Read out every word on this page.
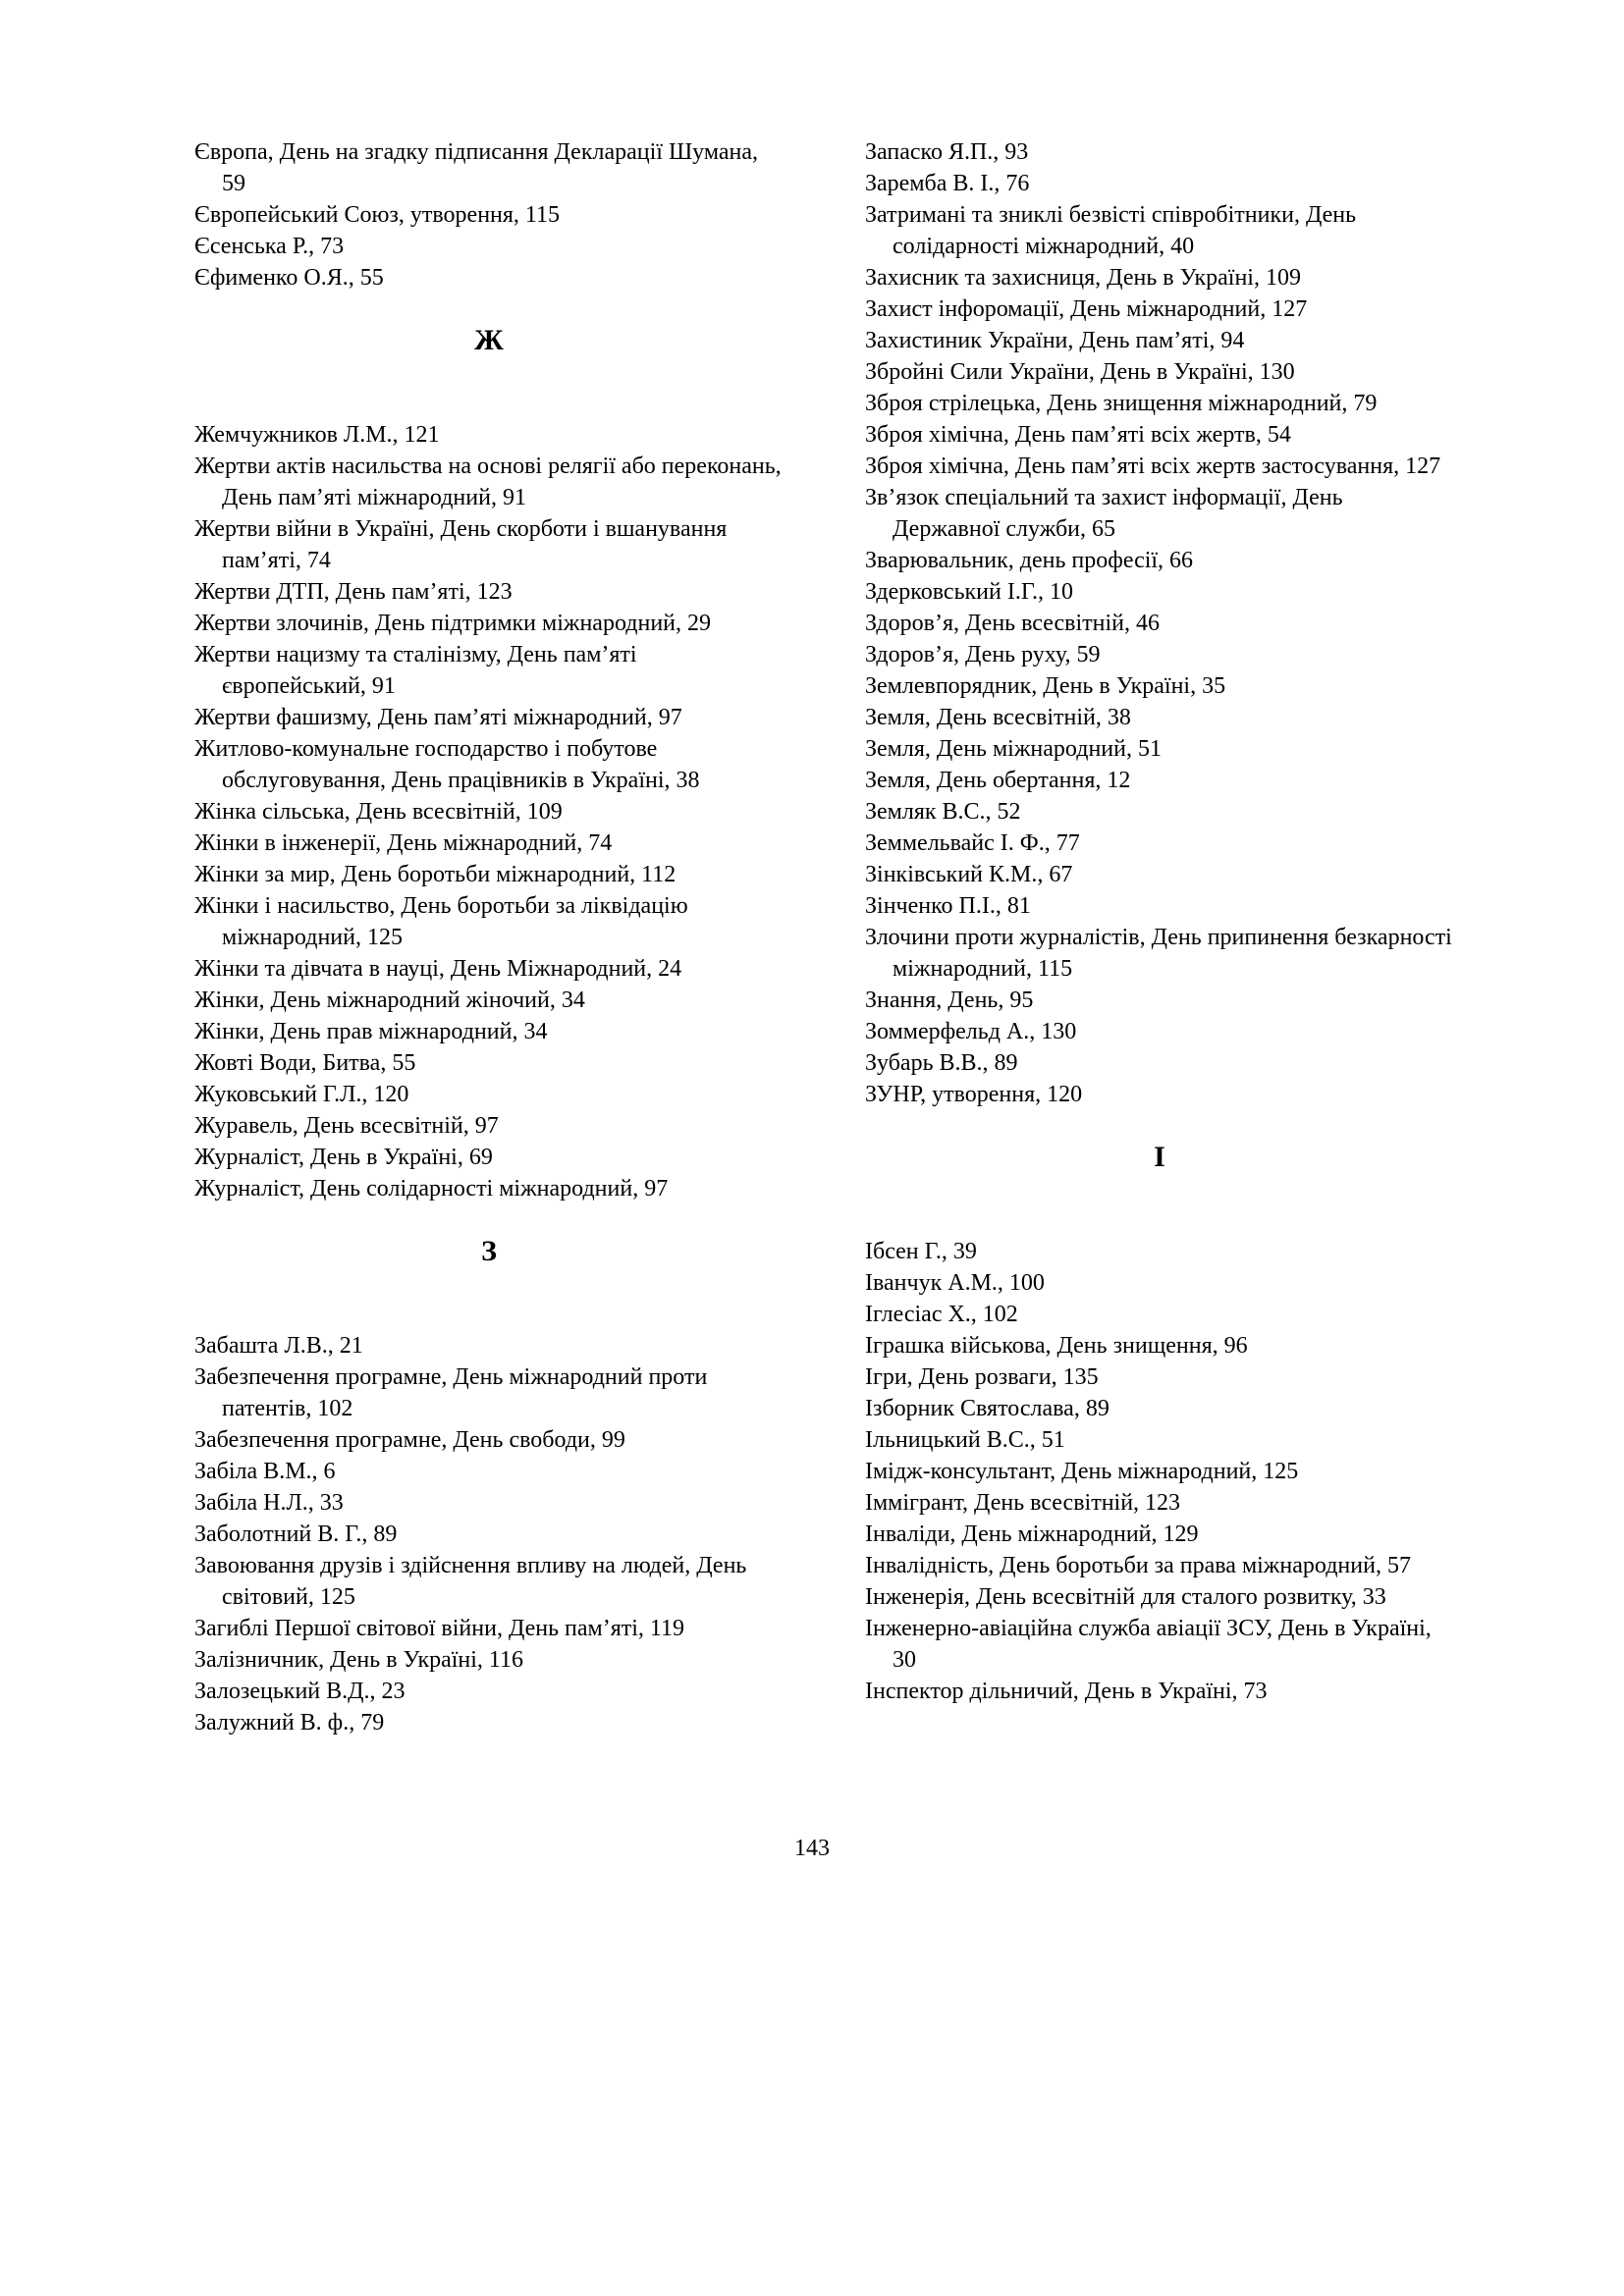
Європа, День на згадку підписання Декларації Шумана, 59
Європейський Союз, утворення, 115
Єсенська Р., 73
Єфименко О.Я., 55
Ж
Жемчужников Л.М., 121
Жертви актів насильства на основі релягії або переконань, День пам’яті міжнародний, 91
Жертви війни в Україні, День скорботи і вшанування пам’яті, 74
Жертви ДТП, День пам’яті, 123
Жертви злочинів, День підтримки міжнародний, 29
Жертви нацизму та сталінізму, День пам’яті європейський, 91
Жертви фашизму, День пам’яті міжнародний, 97
Житлово-комунальне господарство і побутове обслуговування, День працівників в Україні, 38
Жінка сільська, День всесвітній, 109
Жінки в інженерії, День міжнародний, 74
Жінки за мир, День боротьби міжнародний, 112
Жінки і насильство, День боротьби за ліквідацію міжнародний, 125
Жінки та дівчата в науці, День Міжнародний, 24
Жінки, День міжнародний жіночий, 34
Жінки, День прав міжнародний, 34
Жовті Води, Битва, 55
Жуковський Г.Л., 120
Журавель, День всесвітній, 97
Журналіст, День в Україні, 69
Журналіст, День солідарності міжнародний, 97
З
Забашта Л.В., 21
Забезпечення програмне, День міжнародний проти патентів, 102
Забезпечення програмне, День свободи, 99
Забіла В.М., 6
Забіла Н.Л., 33
Заболотний В. Г., 89
Завоювання друзів і здійснення впливу на людей, День світовий, 125
Загиблі Першої світової війни, День пам’яті, 119
Залізничник, День в Україні, 116
Залозецький В.Д., 23
Залужний В. ф., 79
Запаско Я.П., 93
Заремба В. І., 76
Затримані та зниклі безвісті співробітники, День солідарності міжнародний, 40
Захисник та захисниця, День в Україні, 109
Захист інфоромації, День міжнародний, 127
Захистиник України, День пам’яті, 94
Збройні Сили України, День в Україні, 130
Зброя стрілецька, День знищення міжнародний, 79
Зброя хімічна, День пам’яті всіх жертв, 54
Зброя хімічна, День пам’яті всіх жертв застосування, 127
Зв’язок спеціальний та захист інформації, День Державної служби, 65
Зварювальник, день професії, 66
Здерковський І.Г., 10
Здоров’я, День всесвітній, 46
Здоров’я, День руху, 59
Землевпорядник, День в Україні, 35
Земля, День всесвітній, 38
Земля, День міжнародний, 51
Земля, День обертання, 12
Земляк В.С., 52
Земмельвайс І. Ф., 77
Зінківський К.М., 67
Зінченко П.І., 81
Злочини проти журналістів, День припинення безкарності міжнародний, 115
Знання, День, 95
Зоммерфельд А., 130
Зубарь В.В., 89
ЗУНР, утворення, 120
І
Ібсен Г., 39
Іванчук А.М., 100
Іглесіас Х., 102
Іграшка військова, День знищення, 96
Ігри, День розваги, 135
Ізборник Святослава, 89
Ільницький В.С., 51
Імідж-консультант, День міжнародний, 125
Іммігрант, День всесвітній, 123
Інваліди, День міжнародний, 129
Інвалідність, День боротьби за права міжнародний, 57
Інженерія, День всесвітній для сталого розвитку, 33
Інженерно-авіаційна служба авіації ЗСУ, День в Україні, 30
Інспектор дільничий, День в Україні, 73
143
